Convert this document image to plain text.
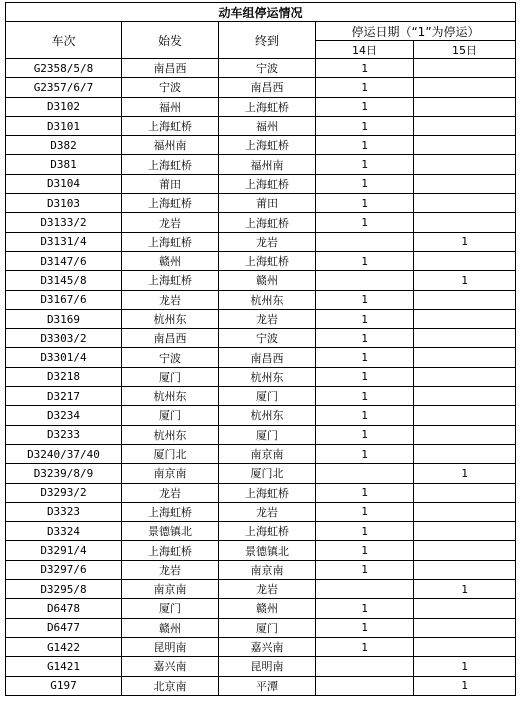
动车组停运情况				
车次	始发	终到	停运日期（“1”为停运）	
			14日	15日
G2358/5/8	南昌西	宁波	1	
G2357/6/7	宁波	南昌西	1	
D3102	福州	上海虹桥	1	
D3101	上海虹桥	福州	1	
D382	福州南	上海虹桥	1	
D381	上海虹桥	福州南	1	
D3104	莆田	上海虹桥	1	
D3103	上海虹桥	莆田	1	
D3133/2	龙岩	上海虹桥	1	
D3131/4	上海虹桥	龙岩		1
D3147/6	赣州	上海虹桥	1	
D3145/8	上海虹桥	赣州		1
D3167/6	龙岩	杭州东	1	
D3169	杭州东	龙岩	1	
D3303/2	南昌西	宁波	1	
D3301/4	宁波	南昌西	1	
D3218	厦门	杭州东	1	
D3217	杭州东	厦门	1	
D3234	厦门	杭州东	1	
D3233	杭州东	厦门	1	
D3240/37/40	厦门北	南京南	1	
D3239/8/9	南京南	厦门北		1
D3293/2	龙岩	上海虹桥	1	
D3323	上海虹桥	龙岩	1	
D3324	景德镇北	上海虹桥	1	
D3291/4	上海虹桥	景德镇北	1	
D3297/6	龙岩	南京南	1	
D3295/8	南京南	龙岩		1
D6478	厦门	赣州	1	
D6477	赣州	厦门	1	
G1422	昆明南	嘉兴南	1	
G1421	嘉兴南	昆明南		1
G197	北京南	平潭		1
